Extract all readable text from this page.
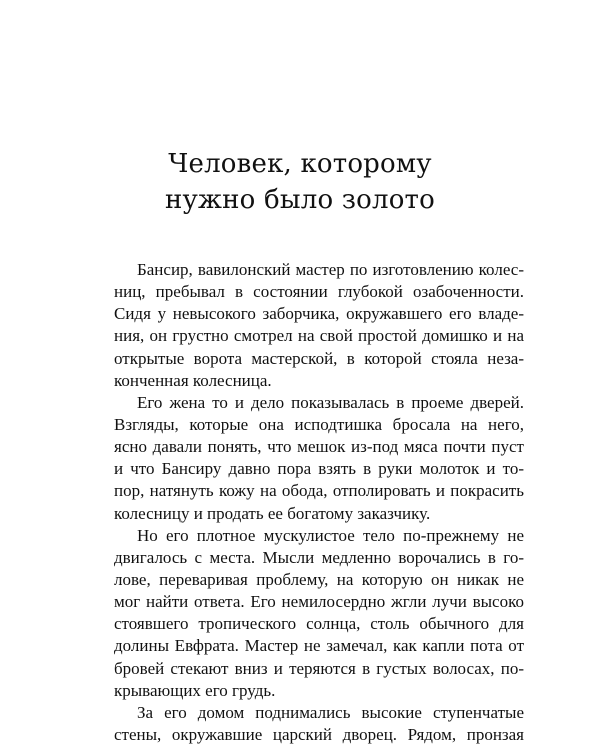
Человек, которому
нужно было золото

Бансир, вавилонский мастер по изготовлению колес-
ниц, пребывал в состоянии глубокой озабоченности.
Сидя у невысокого заборчика, окружавшего его владе-
ния, он грустно смотрел на свой простой домишко и на
открытые ворота мастерской, в которой стояла неза-
конченная колесница.

Его жена то и дело показывалась в проеме дверей.
Взгляды, которые она исподтишка бросала на него,
ясно давали понять, что мешок из-под мяса почти пуст
и что Бансиру давно пора взять в руки молоток и то-
пор, натянуть кожу на обода, отполировать и покрасить
колесницу и продать ее богатому заказчику.

Но его плотное мускулистое тело по-прежнему не
двигалось с места. Мысли медленно ворочались в го-
лове, переваривая проблему, на которую он никак не
мог найти ответа. Его немилосердно жгли лучи высоко
стоявшего тропического солнца, столь обычного для
долины Евфрата. Мастер не замечал, как капли пота от
бровей стекают вниз и теряются в густых волосах, по-
крывающих его грудь.

За его домом поднимались высокие ступенчатые
стены, окружавшие царский дворец. Рядом, пронзая
